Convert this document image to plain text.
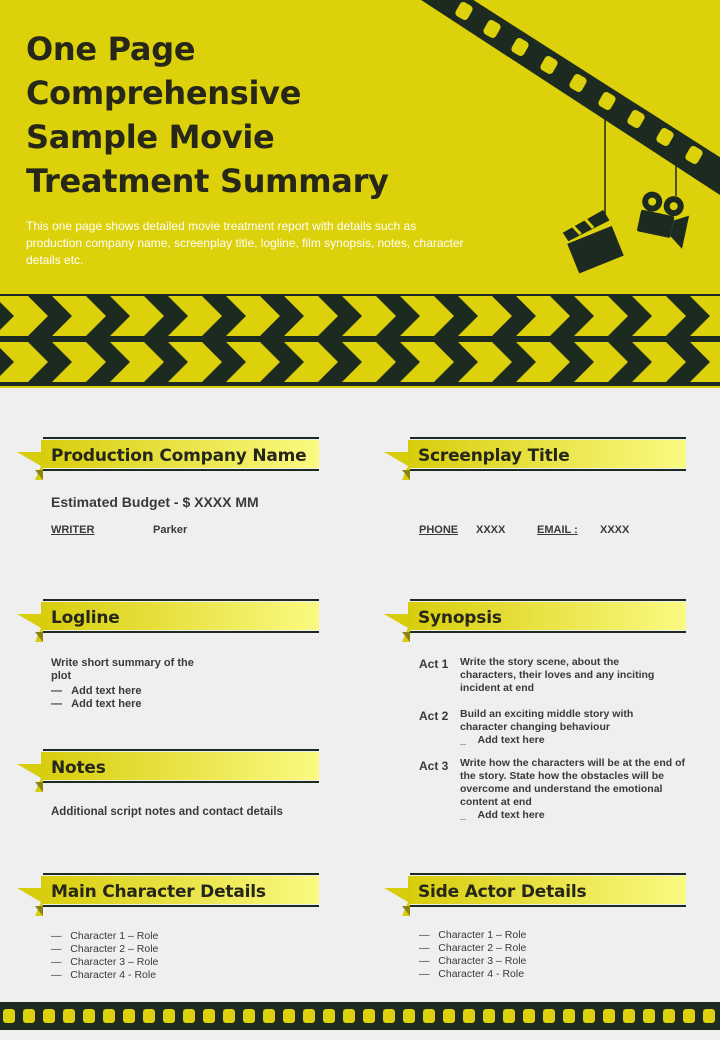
One Page
Comprehensive
Sample Movie
Treatment Summary
This one page shows detailed movie treatment report with details such as production company name, screenplay title, logline, film synopsis, notes, character details etc.
Production Company Name
Estimated Budget - $ XXXX MM
WRITER	Parker
Screenplay Title
PHONE XXXX	EMAIL : XXXX
Logline
Write short summary of the plot
—   Add text here
—   Add text here
Synopsis
Act 1 Write the story scene, about the characters, their loves and any inciting incident at end
Act 2 Build an exciting middle story with character changing behaviour
_    Add text here
Act 3 Write how the characters will be at the end of the story. State how the obstacles will be overcome and understand the emotional content at end
_    Add text here
Notes
Additional script notes and contact details
Main Character Details
—   Character 1 – Role
—   Character 2 – Role
—   Character 3 – Role
—   Character 4 - Role
Side Actor Details
—   Character 1 – Role
—   Character 2 – Role
—   Character 3 – Role
—   Character 4 - Role
